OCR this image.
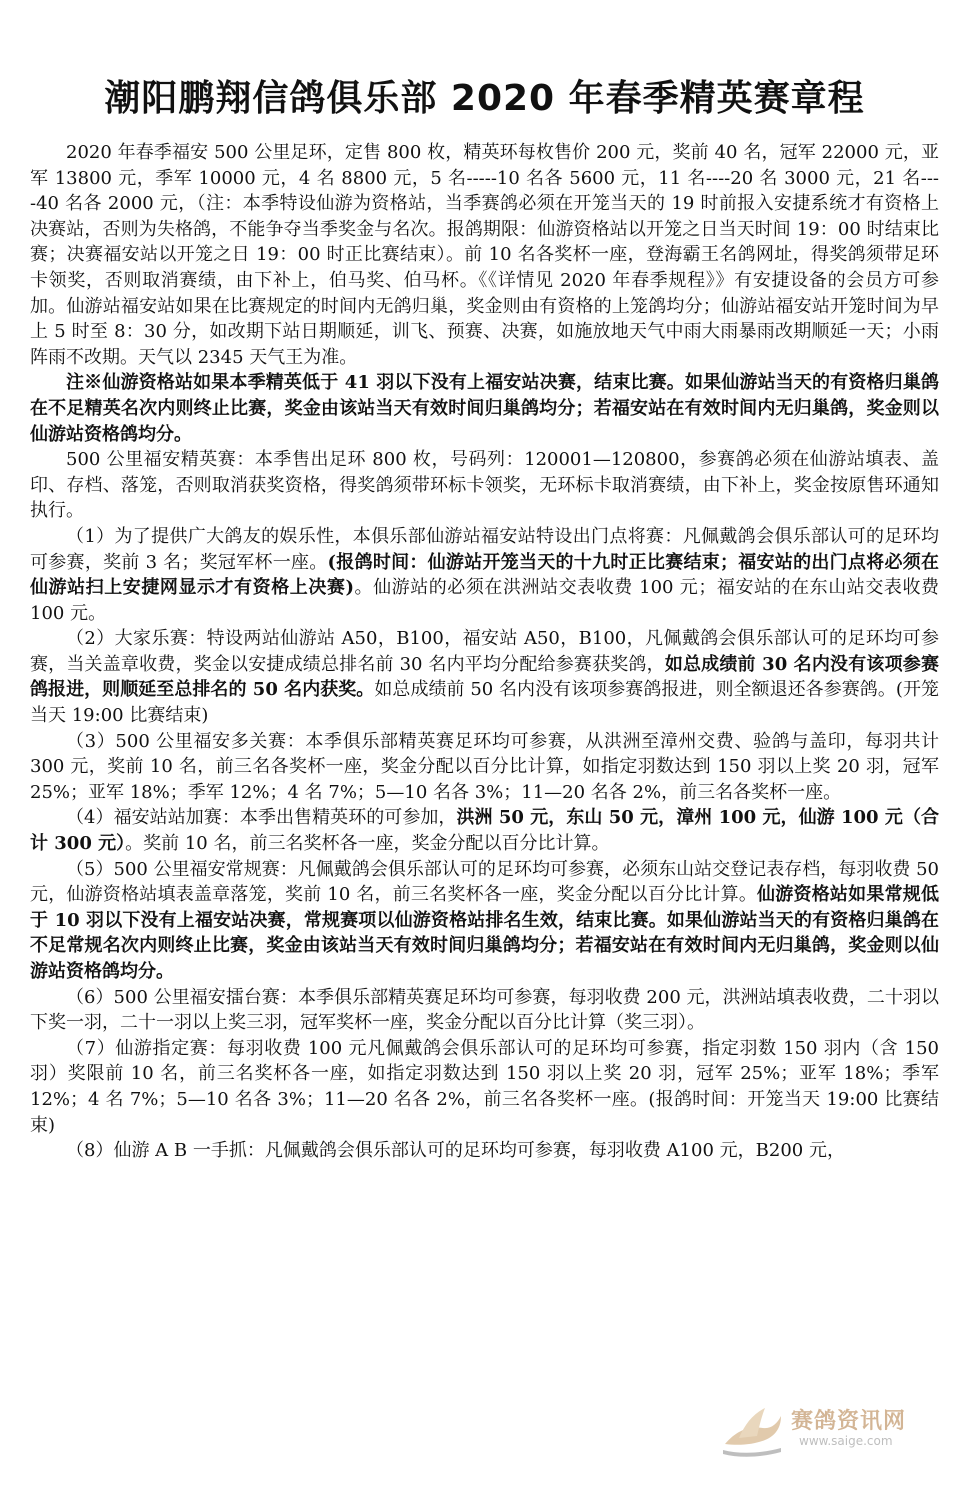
潮阳鹏翔信鸽俱乐部 2020 年春季精英赛章程

2020 年春季福安 500 公里足环，定售 800 枚，精英环每枚售价 200 元，奖前 40 名，冠军 22000 元，亚军 13800 元，季军 10000 元，4 名 8800 元，5 名-----10 名各 5600 元，11 名----20 名 3000 元，21 名----40 名各 2000 元，（注：本季特设仙游为资格站，当季赛鸽必须在开笼当天的 19 时前报入安捷系统才有资格上决赛站，否则为失格鸽，不能争夺当季奖金与名次。报鸽期限：仙游资格站以开笼之日当天时间 19：00 时结束比赛；决赛福安站以开笼之日 19：00 时正比赛结束）。前 10 名各奖杯一座，登海霸王名鸽网址，得奖鸽须带足环卡领奖，否则取消赛绩，由下补上，伯马奖、伯马杯。《《详情见 2020 年春季规程》》有安捷设备的会员方可参加。仙游站福安站如果在比赛规定的时间内无鸽归巢，奖金则由有资格的上笼鸽均分；仙游站福安站开笼时间为早上 5 时至 8：30 分，如改期下站日期顺延，训飞、预赛、决赛，如施放地天气中雨大雨暴雨改期顺延一天；小雨阵雨不改期。天气以 2345 天气王为准。

注※仙游资格站如果本季精英低于 41 羽以下没有上福安站决赛，结束比赛。如果仙游站当天的有资格归巢鸽在不足精英名次内则终止比赛，奖金由该站当天有效时间归巢鸽均分；若福安站在有效时间内无归巢鸽，奖金则以仙游站资格鸽均分。

500 公里福安精英赛：本季售出足环 800 枚，号码列：120001—120800，参赛鸽必须在仙游站填表、盖印、存档、落笼，否则取消获奖资格，得奖鸽须带环标卡领奖，无环标卡取消赛绩，由下补上，奖金按原售环通知执行。

（1）为了提供广大鸽友的娱乐性，本俱乐部仙游站福安站特设出门点将赛：凡佩戴鸽会俱乐部认可的足环均可参赛，奖前 3 名；奖冠军杯一座。(报鸽时间：仙游站开笼当天的十九时正比赛结束；福安站的出门点将必须在仙游站扫上安捷网显示才有资格上决赛)。仙游站的必须在洪洲站交表收费 100 元；福安站的在东山站交表收费 100 元。

（2）大家乐赛：特设两站仙游站 A50，B100，福安站 A50，B100，凡佩戴鸽会俱乐部认可的足环均可参赛，当关盖章收费，奖金以安捷成绩总排名前 30 名内平均分配给参赛获奖鸽，如总成绩前 30 名内没有该项参赛鸽报进，则顺延至总排名的 50 名内获奖。如总成绩前 50 名内没有该项参赛鸽报进，则全额退还各参赛鸽。(开笼当天 19:00 比赛结束)

（3）500 公里福安多关赛：本季俱乐部精英赛足环均可参赛，从洪洲至漳州交费、验鸽与盖印，每羽共计 300 元，奖前 10 名，前三名各奖杯一座，奖金分配以百分比计算，如指定羽数达到 150 羽以上奖 20 羽，冠军 25%；亚军 18%；季军 12%；4 名 7%；5—10 名各 3%；11—20 名各 2%，前三名各奖杯一座。

（4）福安站站加赛：本季出售精英环的可参加，洪洲 50 元，东山 50 元，漳州 100 元，仙游 100 元（合计 300 元）。奖前 10 名，前三名奖杯各一座，奖金分配以百分比计算。

（5）500 公里福安常规赛：凡佩戴鸽会俱乐部认可的足环均可参赛，必须东山站交登记表存档，每羽收费 50 元，仙游资格站填表盖章落笼，奖前 10 名，前三名奖杯各一座，奖金分配以百分比计算。仙游资格站如果常规低于 10 羽以下没有上福安站决赛，常规赛项以仙游资格站排名生效，结束比赛。如果仙游站当天的有资格归巢鸽在不足常规名次内则终止比赛，奖金由该站当天有效时间归巢鸽均分；若福安站在有效时间内无归巢鸽，奖金则以仙游站资格鸽均分。

（6）500 公里福安擂台赛：本季俱乐部精英赛足环均可参赛，每羽收费 200 元，洪洲站填表收费，二十羽以下奖一羽，二十一羽以上奖三羽，冠军奖杯一座，奖金分配以百分比计算（奖三羽）。

（7）仙游指定赛：每羽收费 100 元凡佩戴鸽会俱乐部认可的足环均可参赛，指定羽数 150 羽内（含 150 羽）奖限前 10 名，前三名奖杯各一座，如指定羽数达到 150 羽以上奖 20 羽，冠军 25%；亚军 18%；季军 12%；4 名 7%；5—10 名各 3%；11—20 名各 2%，前三名各奖杯一座。(报鸽时间：开笼当天 19:00 比赛结束)

（8）仙游 A B 一手抓：凡佩戴鸽会俱乐部认可的足环均可参赛，每羽收费 A100 元，B200 元，

赛鸽资讯网
www.saige.com
